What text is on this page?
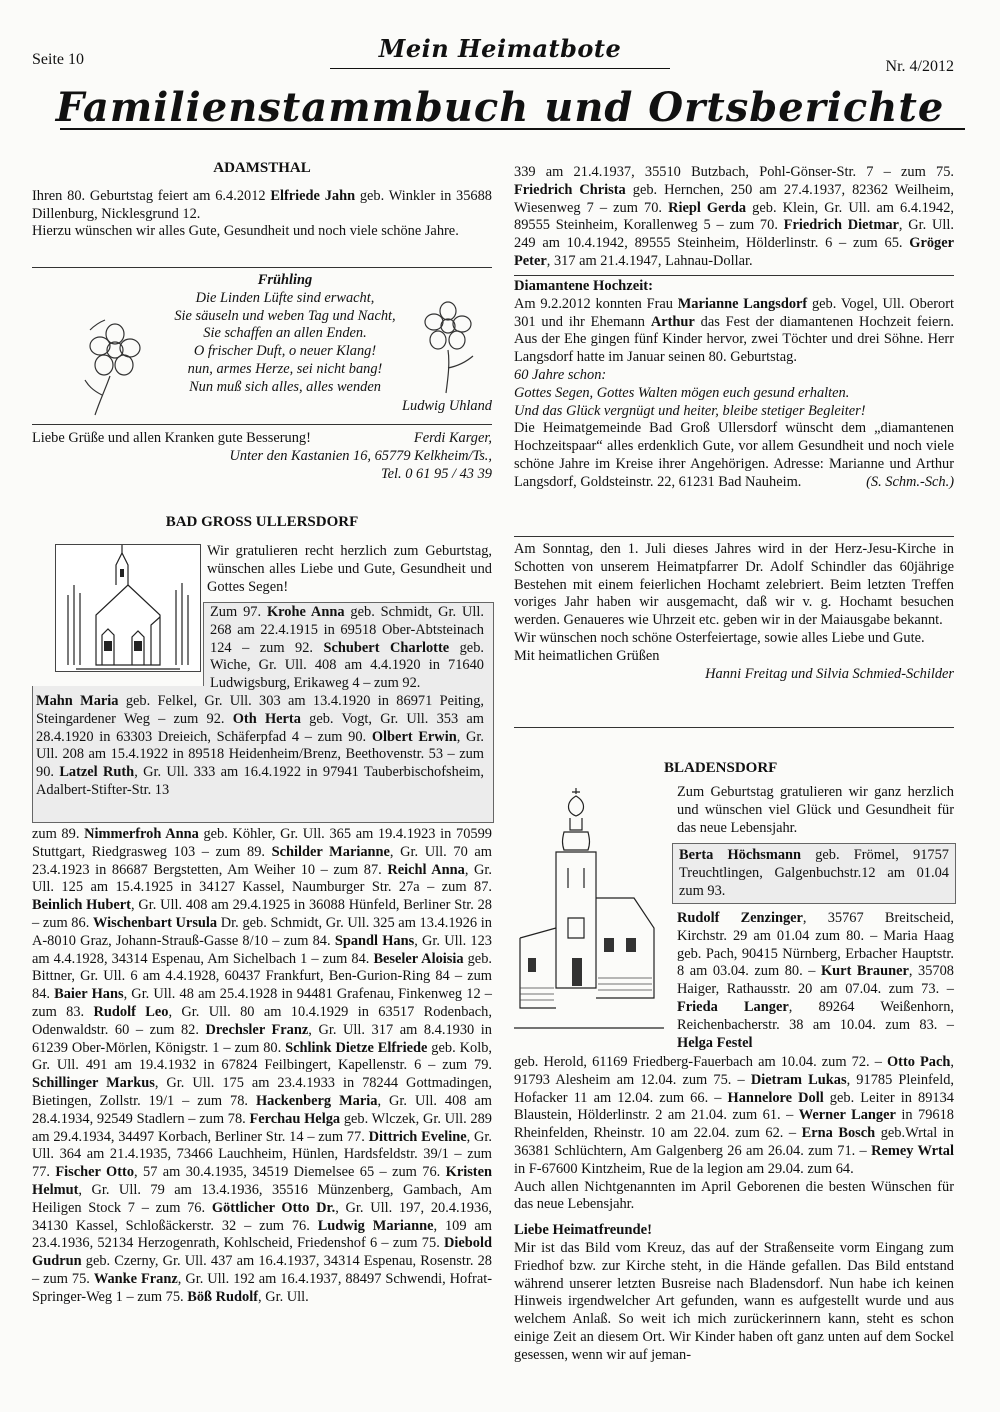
Seite 10	Mein Heimatbote
Nr. 4/2012
Familienstammbuch und Ortsberichte

ADAMSTHAL

Ihren 80. Geburtstag feiert am 6.4.2012 Elfriede Jahn geb. Winkler in 35688 Dillenburg, Nicklesgrund 12.

Hierzu wünschen wir alles Gute, Gesundheit und noch viele schöne Jahre.

Frühling
Die Linden Lüfte sind erwacht,
Sie säuseln und weben Tag und Nacht,
Sie schaffen an allen Enden.
O frischer Duft, o neuer Klang!
nun, armes Herze, sei nicht bang!
Nun muß sich alles, alles wenden
Ludwig Uhland

Liebe Grüße und allen Kranken gute Besserung!	Ferdi Karger,

Unter den Kastanien 16, 65779 Kelkheim/Ts.,

Tel. 0 61 95 / 43 39

BAD GROSS ULLERSDORF

Wir gratulieren recht herzlich zum Geburtstag, wünschen alles Liebe und Gute, Gesundheit und Gottes Segen!

Zum 97. Krohe Anna geb. Schmidt, Gr. Ull. 268 am 22.4.1915 in 69518 Ober-Abtsteinach 124 – zum 92. Schubert Charlotte geb. Wiche, Gr. Ull. 408 am 4.4.1920 in 71640 Ludwigsburg, Erikaweg 4 – zum 92.

Mahn Maria geb. Felkel, Gr. Ull. 303 am 13.4.1920 in 86971 Peiting, Steingardener Weg – zum 92. Oth Herta geb. Vogt, Gr. Ull. 353 am 28.4.1920 in 63303 Dreieich, Schäferpfad 4 – zum 90. Olbert Erwin, Gr. Ull. 208 am 15.4.1922 in 89518 Heidenheim/Brenz, Beethovenstr. 53 – zum 90. Latzel Ruth, Gr. Ull. 333 am 16.4.1922 in 97941 Tauberbischofsheim, Adalbert-Stifter-Str. 13

zum 89. Nimmerfroh Anna geb. Köhler, Gr. Ull. 365 am 19.4.1923 in 70599 Stuttgart, Riedgrasweg 103 – zum 89. Schilder Marianne, Gr. Ull. 70 am 23.4.1923 in 86687 Bergstetten, Am Weiher 10 – zum 87. Reichl Anna, Gr. Ull. 125 am 15.4.1925 in 34127 Kassel, Naumburger Str. 27a – zum 87. Beinlich Hubert, Gr. Ull. 408 am 29.4.1925 in 36088 Hünfeld, Berliner Str. 28 – zum 86. Wischenbart Ursula Dr. geb. Schmidt, Gr. Ull. 325 am 13.4.1926 in A-8010 Graz, Johann-Strauß-Gasse 8/10 – zum 84. Spandl Hans, Gr. Ull. 123 am 4.4.1928, 34314 Espenau, Am Sichelbach 1 – zum 84. Beseler Aloisia geb. Bittner, Gr. Ull. 6 am 4.4.1928, 60437 Frankfurt, Ben-Gurion-Ring 84 – zum 84. Baier Hans, Gr. Ull. 48 am 25.4.1928 in 94481 Grafenau, Finkenweg 12 – zum 83. Rudolf Leo, Gr. Ull. 80 am 10.4.1929 in 63517 Rodenbach, Odenwaldstr. 60 – zum 82. Drechsler Franz, Gr. Ull. 317 am 8.4.1930 in 61239 Ober-Mörlen, Königstr. 1 – zum 80. Schlink Dietze Elfriede geb. Kolb, Gr. Ull. 491 am 19.4.1932 in 67824 Feilbingert, Kapellenstr. 6 – zum 79. Schillinger Markus, Gr. Ull. 175 am 23.4.1933 in 78244 Gottmadingen, Bietingen, Zollstr. 19/1 – zum 78. Hackenberg Maria, Gr. Ull. 408 am 28.4.1934, 92549 Stadlern – zum 78. Ferchau Helga geb. Wlczek, Gr. Ull. 289 am 29.4.1934, 34497 Korbach, Berliner Str. 14 – zum 77. Dittrich Eveline, Gr. Ull. 364 am 21.4.1935, 73466 Lauchheim, Hünlen, Hardsfeldstr. 39/1 – zum 77. Fischer Otto, 57 am 30.4.1935, 34519 Diemelsee 65 – zum 76. Kristen Helmut, Gr. Ull. 79 am 13.4.1936, 35516 Münzenberg, Gambach, Am Heiligen Stock 7 – zum 76. Göttlicher Otto Dr., Gr. Ull. 197, 20.4.1936, 34130 Kassel, Schloßäckerstr. 32 – zum 76. Ludwig Marianne, 109 am 23.4.1936, 52134 Herzogenrath, Kohlscheid, Friedenshof 6 – zum 75. Diebold Gudrun geb. Czerny, Gr. Ull. 437 am 16.4.1937, 34314 Espenau, Rosenstr. 28 – zum 75. Wanke Franz, Gr. Ull. 192 am 16.4.1937, 88497 Schwendi, Hofrat-Springer-Weg 1 – zum 75. Böß Rudolf, Gr. Ull.

339 am 21.4.1937, 35510 Butzbach, Pohl-Gönser-Str. 7 – zum 75. Friedrich Christa geb. Hernchen, 250 am 27.4.1937, 82362 Weilheim, Wiesenweg 7 – zum 70. Riepl Gerda geb. Klein, Gr. Ull. am 6.4.1942, 89555 Steinheim, Korallenweg 5 – zum 70. Friedrich Dietmar, Gr. Ull. 249 am 10.4.1942, 89555 Steinheim, Hölderlinstr. 6 – zum 65. Gröger Peter, 317 am 21.4.1947, Lahnau-Dollar.

Diamantene Hochzeit:

Am 9.2.2012 konnten Frau Marianne Langsdorf geb. Vogel, Ull. Oberort 301 und ihr Ehemann Arthur das Fest der diamantenen Hochzeit feiern. Aus der Ehe gingen fünf Kinder hervor, zwei Töchter und drei Söhne. Herr Langsdorf hatte im Januar seinen 80. Geburtstag.

60 Jahre schon:

Gottes Segen, Gottes Walten mögen euch gesund erhalten.

Und das Glück vergnügt und heiter, bleibe stetiger Begleiter!

Die Heimatgemeinde Bad Groß Ullersdorf wünscht dem „diamantenen Hochzeitspaar“ alles erdenklich Gute, vor allem Gesundheit und noch viele schöne Jahre im Kreise ihrer Angehörigen. Adresse: Marianne und Arthur Langsdorf, Goldsteinstr. 22, 61231 Bad Nauheim.	(S. Schm.-Sch.)

Am Sonntag, den 1. Juli dieses Jahres wird in der Herz-Jesu-Kirche in Schotten von unserem Heimatpfarrer Dr. Adolf Schindler das 60jährige Bestehen mit einem feierlichen Hochamt zelebriert. Beim letzten Treffen voriges Jahr haben wir ausgemacht, daß wir v. g. Hochamt besuchen werden. Genaueres wie Uhrzeit etc. geben wir in der Maiausgabe bekannt.

Wir wünschen noch schöne Osterfeiertage, sowie alles Liebe und Gute.

Mit heimatlichen Grüßen

Hanni Freitag und Silvia Schmied-Schilder

BLADENSDORF

Zum Geburtstag gratulieren wir ganz herzlich und wünschen viel Glück und Gesundheit für das neue Lebensjahr.
Berta Höchsmann geb. Frömel, 91757 Treuchtlingen, Galgenbuchstr.12 am 01.04 zum 93.

Rudolf Zenzinger, 35767 Breitscheid, Kirchstr. 29 am 01.04 zum 80. – Maria Haag geb. Pach, 90415 Nürnberg, Erbacher Hauptstr. 8 am 03.04. zum 80. – Kurt Brauner, 35708 Haiger, Rathausstr. 20 am 07.04. zum 73. – Frieda Langer, 89264 Weißenhorn, Reichenbacherstr. 38 am 10.04. zum 83. – Helga Festel

geb. Herold, 61169 Friedberg-Fauerbach am 10.04. zum 72. – Otto Pach, 91793 Alesheim am 12.04. zum 75. – Dietram Lukas, 91785 Pleinfeld, Hofacker 11 am 12.04. zum 66. – Hannelore Doll geb. Leiter in 89134 Blaustein, Hölderlinstr. 2 am 21.04. zum 61. – Werner Langer in 79618 Rheinfelden, Rheinstr. 10 am 22.04. zum 62. – Erna Bosch geb.Wrtal in 36381 Schlüchtern, Am Galgenberg 26 am 26.04. zum 71. – Remey Wrtal in F-67600 Kintzheim, Rue de la legion am 29.04. zum 64.

Auch allen Nichtgenannten im April Geborenen die besten Wünschen für das neue Lebensjahr.

Liebe Heimatfreunde!

Mir ist das Bild vom Kreuz, das auf der Straßenseite vorm Eingang zum Friedhof bzw. zur Kirche steht, in die Hände gefallen. Das Bild entstand während unserer letzten Busreise nach Bladensdorf. Nun habe ich keinen Hinweis irgendwelcher Art gefunden, wann es aufgestellt wurde und aus welchem Anlaß. So weit ich mich zurückerinnern kann, steht es schon einige Zeit an diesem Ort. Wir Kinder haben oft ganz unten auf dem Sockel gesessen, wenn wir auf jeman-
